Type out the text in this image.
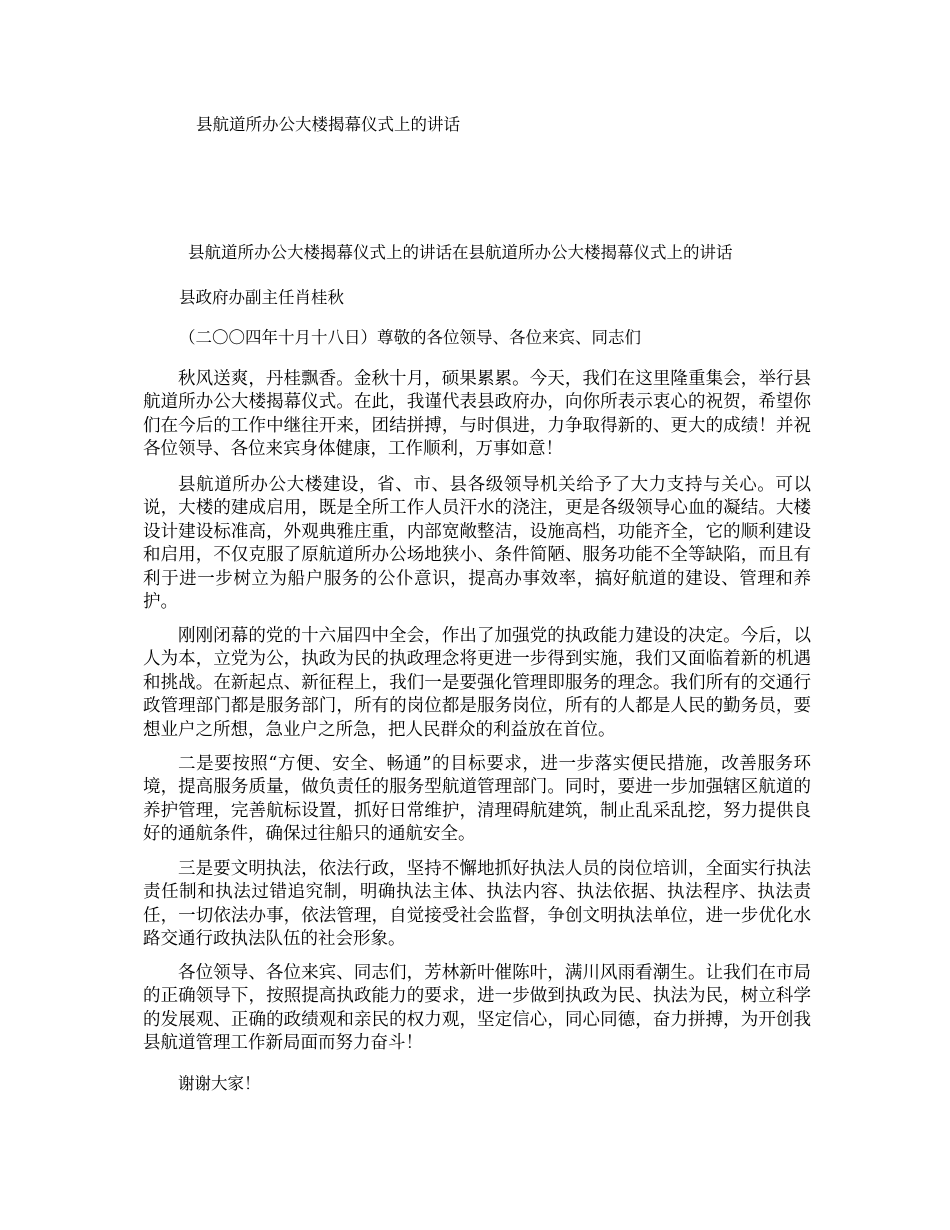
县航道所办公大楼揭幕仪式上的讲话
县航道所办公大楼揭幕仪式上的讲话在县航道所办公大楼揭幕仪式上的讲话
县政府办副主任肖桂秋
（二〇〇四年十月十八日）尊敬的各位领导、各位来宾、同志们

秋风送爽，丹桂飘香。金秋十月，硕果累累。今天，我们在这里隆重集会，举行县航道所办公大楼揭幕仪式。在此，我谨代表县政府办，向你所表示衷心的祝贺，希望你们在今后的工作中继往开来，团结拼搏，与时俱进，力争取得新的、更大的成绩！并祝各位领导、各位来宾身体健康，工作顺利，万事如意！

县航道所办公大楼建设，省、市、县各级领导机关给予了大力支持与关心。可以说，大楼的建成启用，既是全所工作人员汗水的浇注，更是各级领导心血的凝结。大楼设计建设标准高，外观典雅庄重，内部宽敞整洁，设施高档，功能齐全，它的顺利建设和启用，不仅克服了原航道所办公场地狭小、条件简陋、服务功能不全等缺陷，而且有利于进一步树立为船户服务的公仆意识，提高办事效率，搞好航道的建设、管理和养护。

刚刚闭幕的党的十六届四中全会，作出了加强党的执政能力建设的决定。今后，以人为本，立党为公，执政为民的执政理念将更进一步得到实施，我们又面临着新的机遇和挑战。在新起点、新征程上，我们一是要强化管理即服务的理念。我们所有的交通行政管理部门都是服务部门，所有的岗位都是服务岗位，所有的人都是人民的勤务员，要想业户之所想，急业户之所急，把人民群众的利益放在首位。

二是要按照“方便、安全、畅通”的目标要求，进一步落实便民措施，改善服务环境，提高服务质量，做负责任的服务型航道管理部门。同时，要进一步加强辖区航道的养护管理，完善航标设置，抓好日常维护，清理碍航建筑，制止乱采乱挖，努力提供良好的通航条件，确保过往船只的通航安全。

三是要文明执法，依法行政，坚持不懈地抓好执法人员的岗位培训，全面实行执法责任制和执法过错追究制，明确执法主体、执法内容、执法依据、执法程序、执法责任，一切依法办事，依法管理，自觉接受社会监督，争创文明执法单位，进一步优化水路交通行政执法队伍的社会形象。

各位领导、各位来宾、同志们，芳林新叶催陈叶，满川风雨看潮生。让我们在市局的正确领导下，按照提高执政能力的要求，进一步做到执政为民、执法为民，树立科学的发展观、正确的政绩观和亲民的权力观，坚定信心，同心同德，奋力拼搏，为开创我县航道管理工作新局面而努力奋斗！

谢谢大家！
